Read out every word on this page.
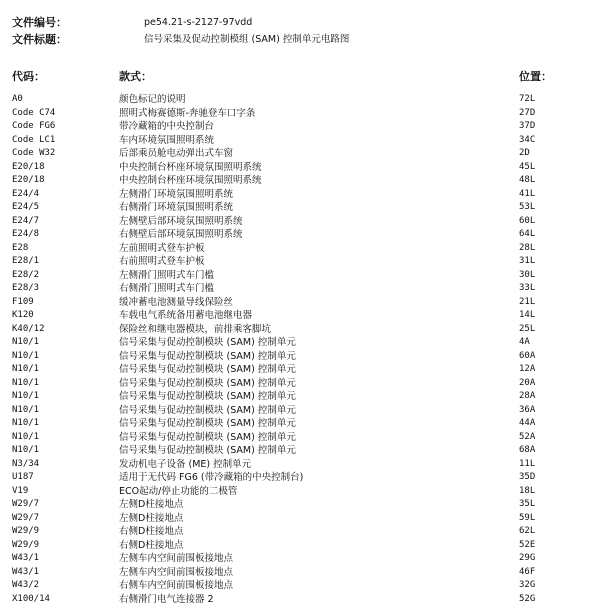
文件编号：	pe54.21-s-2127-97vdd
文件标题：	信号采集及促动控制模组 (SAM) 控制单元电路图
代码：	款式：	位置：
A0	颜色标记的说明	72L
Code C74	照明式梅赛德斯-奔驰登车口字条	27D
Code FG6	带冷藏箱的中央控制台	37D
Code LC1	车内环境氛围照明系统	34C
Code W32	后部乘员舱电动弹出式车窗	2D
E20/18	中央控制台杯座环境氛围照明系统	45L
E20/18	中央控制台杯座环境氛围照明系统	48L
E24/4	左侧滑门环境氛围照明系统	41L
E24/5	右侧滑门环境氛围照明系统	53L
E24/7	左侧壁后部环境氛围照明系统	60L
E24/8	右侧壁后部环境氛围照明系统	64L
E28	左前照明式登车护板	28L
E28/1	右前照明式登车护板	31L
E28/2	左侧滑门照明式车门槛	30L
E28/3	右侧滑门照明式车门槛	33L
F109	缓冲蓄电池测量导线保险丝	21L
K120	车载电气系统备用蓄电池继电器	14L
K40/12	保险丝和继电器模块，前排乘客脚坑	25L
N10/1	信号采集与促动控制模块 (SAM) 控制单元	4A
N10/1	信号采集与促动控制模块 (SAM) 控制单元	60A
N10/1	信号采集与促动控制模块 (SAM) 控制单元	12A
N10/1	信号采集与促动控制模块 (SAM) 控制单元	20A
N10/1	信号采集与促动控制模块 (SAM) 控制单元	28A
N10/1	信号采集与促动控制模块 (SAM) 控制单元	36A
N10/1	信号采集与促动控制模块 (SAM) 控制单元	44A
N10/1	信号采集与促动控制模块 (SAM) 控制单元	52A
N10/1	信号采集与促动控制模块 (SAM) 控制单元	68A
N3/34	发动机电子设备 (ME) 控制单元	11L
U187	适用于无代码 FG6 (带冷藏箱的中央控制台)	35D
V19	ECO起动/停止功能的二极管	18L
W29/7	左侧D柱接地点	35L
W29/7	左侧D柱接地点	59L
W29/9	右侧D柱接地点	62L
W29/9	右侧D柱接地点	52E
W43/1	左侧车内空间前围板接地点	29G
W43/1	左侧车内空间前围板接地点	46F
W43/2	右侧车内空间前围板接地点	32G
X100/14	右侧滑门电气连接器 2	52G
